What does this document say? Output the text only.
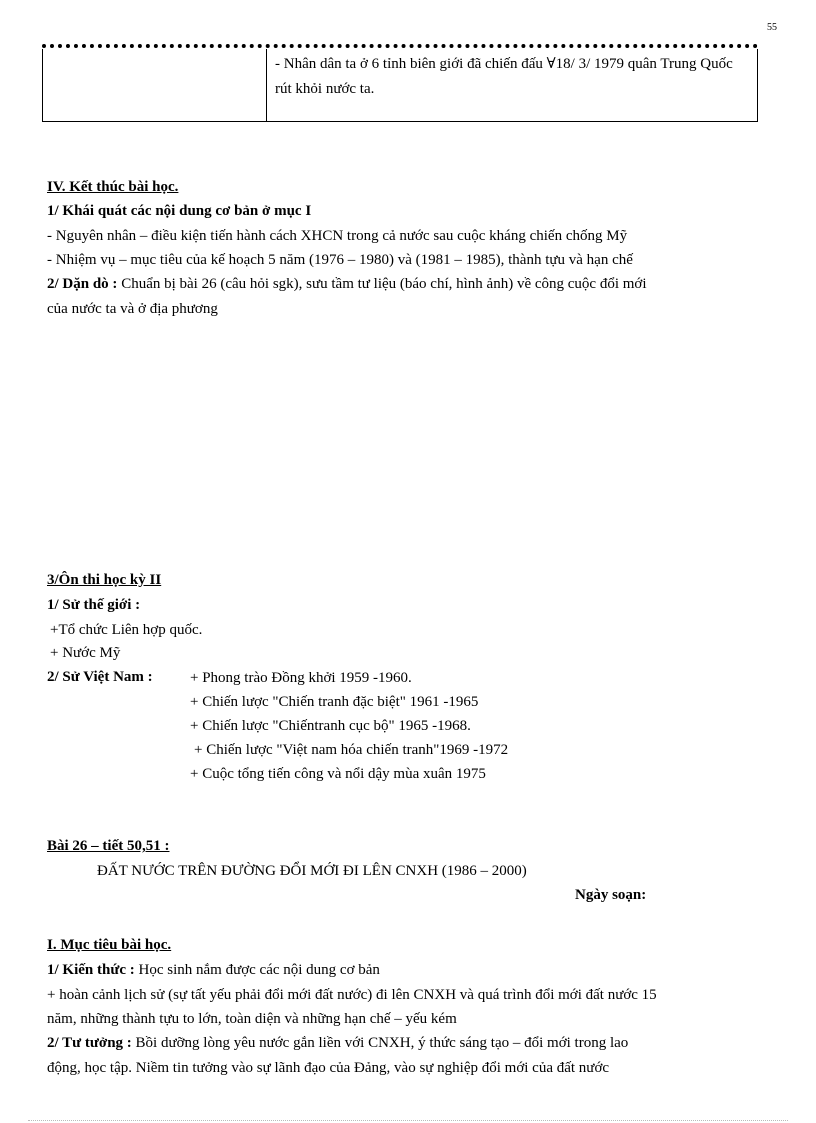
55
- Nhân dân ta ở 6 tỉnh biên giới đã chiến đấu ∀18/ 3/ 1979 quân Trung Quốc rút khỏi nước ta.
IV. Kết thúc bài học.
1/ Khái quát các nội dung cơ bản ở mục I
- Nguyên nhân – điều kiện tiến hành cách XHCN trong cả nước sau cuộc kháng chiến chống Mỹ
- Nhiệm vụ – mục tiêu của kế hoạch 5 năm (1976 – 1980) và (1981 – 1985), thành tựu và hạn chế
2/ Dặn dò : Chuẩn bị bài 26 (câu hỏi sgk), sưu tầm tư liệu (báo chí, hình ảnh) về công cuộc đổi mới
của nước ta và ở địa phương
3/Ôn thi học kỳ II
1/ Sử thế giới :
+Tổ chức Liên hợp quốc.
+ Nước Mỹ
2/ Sử Việt Nam : + Phong trào Đồng khởi 1959 -1960.
+ Chiến lược "Chiến tranh đặc biệt" 1961 -1965
+ Chiến lược "Chiếntranh cục bộ" 1965 -1968.
+ Chiến lược "Việt nam hóa chiến tranh"1969 -1972
+ Cuộc tổng tiến công và nổi dậy mùa xuân 1975
Bài 26 – tiết 50,51 :
ĐẤT NƯỚC TRÊN ĐƯỜNG ĐỔI MỚI ĐI LÊN CNXH (1986 – 2000)
Ngày soạn:
I. Mục tiêu bài học.
1/ Kiến thức : Học sinh nắm được các nội dung cơ bản
+ hoàn cảnh lịch sử (sự tất yếu phải đổi mới đất nước) đi lên CNXH và quá trình đổi mới đất nước 15
năm, những thành tựu to lớn, toàn diện và những hạn chế – yếu kém
2/ Tư tưởng : Bồi dưỡng lòng yêu nước gắn liền với CNXH, ý thức sáng tạo – đổi mới trong lao
động, học tập. Niềm tin tưởng vào sự lãnh đạo của Đảng, vào sự nghiệp đổi mới của đất nước
